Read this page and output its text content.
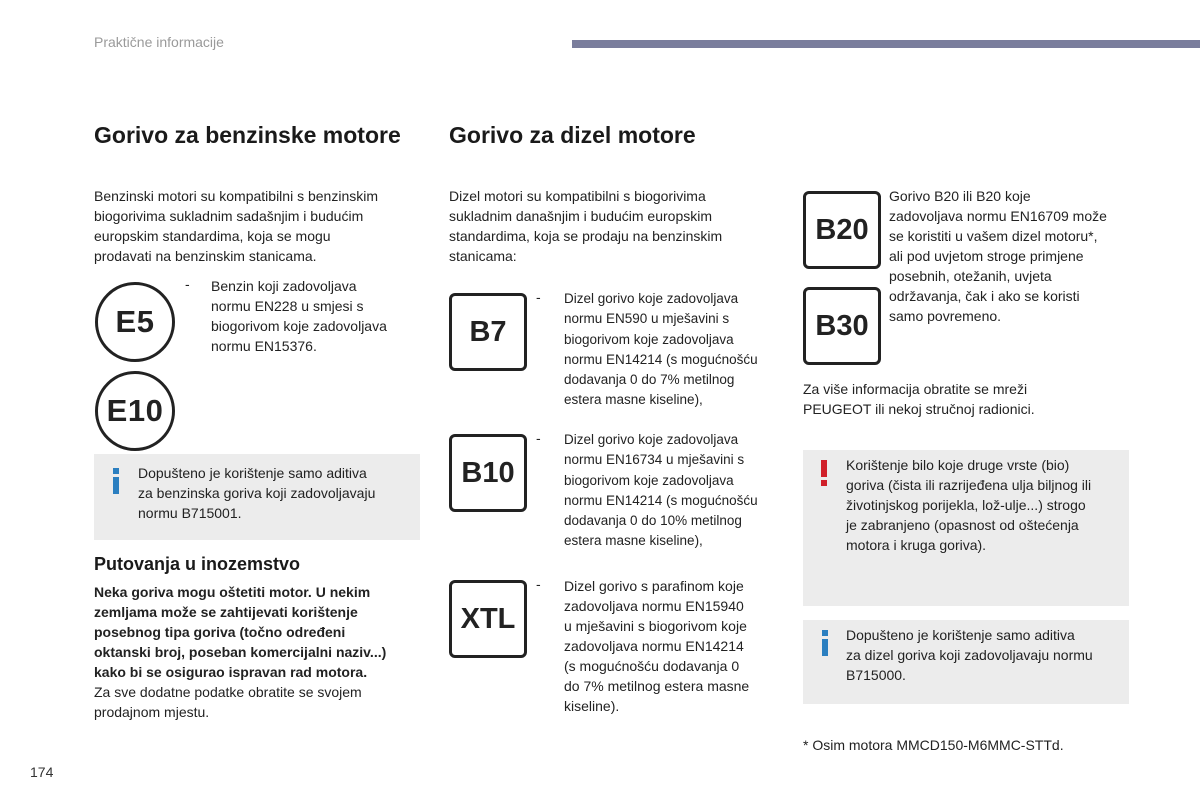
Praktične informacije
Gorivo za benzinske motore
Benzinski motori su kompatibilni s benzinskim
biogorivima sukladnim sadašnjim i budućim
europskim standardima, koja se mogu
prodavati na benzinskim stanicama.
E5
E10
- Benzin koji zadovoljava
normu EN228 u smjesi s
biogorivom koje zadovoljava
normu EN15376.
Dopušteno je korištenje samo aditiva
za benzinska goriva koji zadovoljavaju
normu B715001.
Putovanja u inozemstvo
Neka goriva mogu oštetiti motor. U nekim
zemljama može se zahtijevati korištenje
posebnog tipa goriva (točno određeni
oktanski broj, poseban komercijalni naziv...)
kako bi se osigurao ispravan rad motora.
Za sve dodatne podatke obratite se svojem
prodajnom mjestu.
Gorivo za dizel motore
Dizel motori su kompatibilni s biogorivima
sukladnim današnjim i budućim europskim
standardima, koja se prodaju na benzinskim
stanicama:
B7
- Dizel gorivo koje zadovoljava
normu EN590 u mješavini s
biogorivom koje zadovoljava
normu EN14214 (s mogućnošću
dodavanja 0 do 7% metilnog
estera masne kiseline),
B10
- Dizel gorivo koje zadovoljava
normu EN16734 u mješavini s
biogorivom koje zadovoljava
normu EN14214 (s mogućnošću
dodavanja 0 do 10% metilnog
estera masne kiseline),
XTL
- Dizel gorivo s parafinom koje
zadovoljava normu EN15940
u mješavini s biogorivom koje
zadovoljava normu EN14214
(s mogućnošću dodavanja 0
do 7% metilnog estera masne
kiseline).
B20
B30
Gorivo B20 ili B20 koje
zadovoljava normu EN16709 može
se koristiti u vašem dizel motoru*,
ali pod uvjetom stroge primjene
posebnih, otežanih, uvjeta
održavanja, čak i ako se koristi
samo povremeno.
Za više informacija obratite se mreži
PEUGEOT ili nekoj stručnoj radionici.
Korištenje bilo koje druge vrste (bio)
goriva (čista ili razrijeđena ulja biljnog ili
životinjskog porijekla, lož-ulje...) strogo
je zabranjeno (opasnost od oštećenja
motora i kruga goriva).
Dopušteno je korištenje samo aditiva
za dizel goriva koji zadovoljavaju normu
B715000.
* Osim motora MMCD150-M6MMC-STTd.
174
